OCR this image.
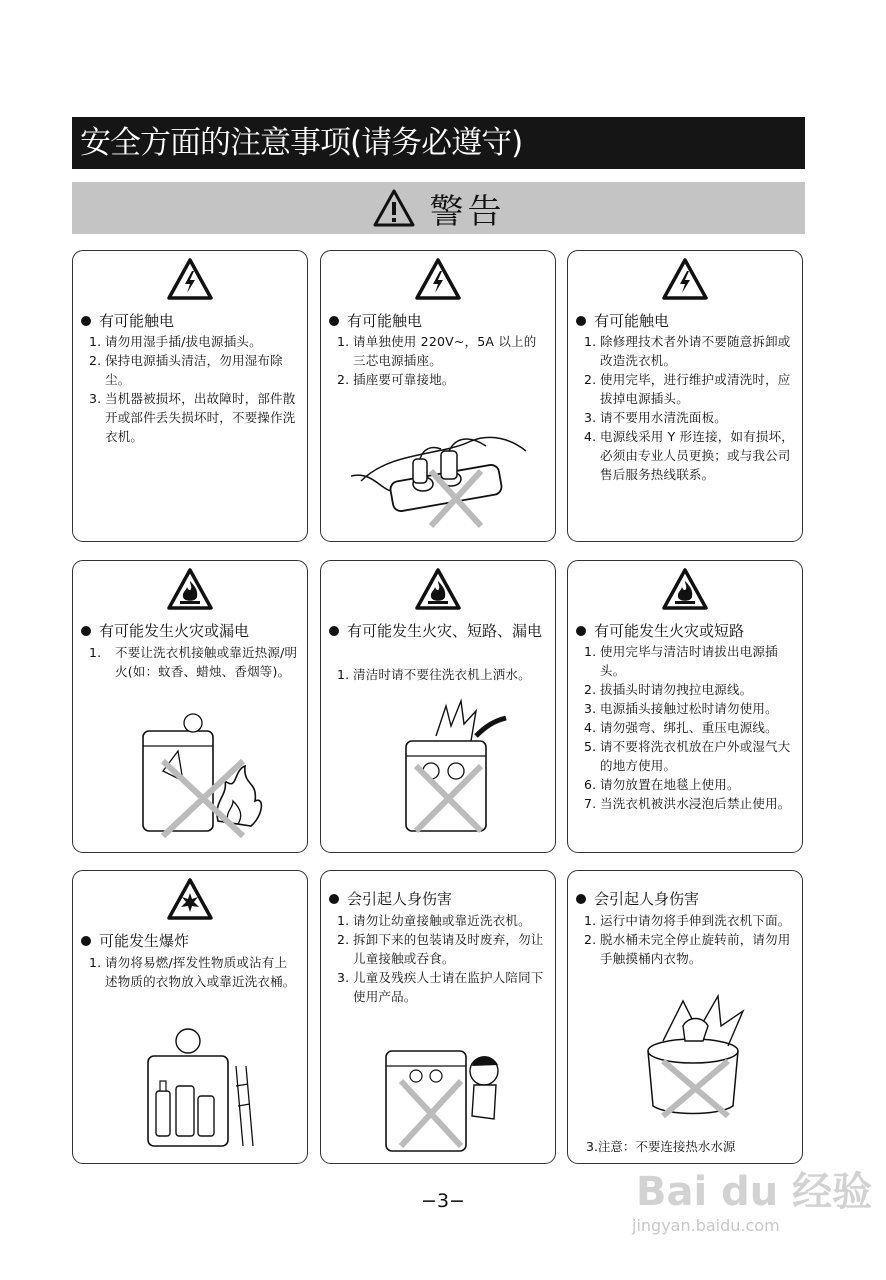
安全方面的注意事项(请务必遵守)
警告
有可能触电
1. 请勿用湿手插/拔电源插头。
2. 保持电源插头清洁，勿用湿布除尘。
3. 当机器被损坏，出故障时，部件散开或部件丢失损坏时，不要操作洗衣机。
有可能触电
1. 请单独使用 220V~，5A 以上的三芯电源插座。
2. 插座要可靠接地。
有可能触电
1. 除修理技术者外请不要随意拆卸或改造洗衣机。
2. 使用完毕，进行维护或清洗时，应拔掉电源插头。
3. 请不要用水清洗面板。
4. 电源线采用 Y 形连接，如有损坏，必须由专业人员更换；或与我公司售后服务热线联系。
有可能发生火灾或漏电
1.	不要让洗衣机接触或靠近热源/明火(如：蚊香、蜡烛、香烟等)。
有可能发生火灾、短路、漏电
1. 清洁时请不要往洗衣机上洒水。
有可能发生火灾或短路
1. 使用完毕与清洁时请拔出电源插头。
2. 拔插头时请勿拽拉电源线。
3. 电源插头接触过松时请勿使用。
4. 请勿强弯、绑扎、重压电源线。
5. 请不要将洗衣机放在户外或湿气大的地方使用。
6. 请勿放置在地毯上使用。
7. 当洗衣机被洪水浸泡后禁止使用。
可能发生爆炸
1. 请勿将易燃/挥发性物质或沾有上述物质的衣物放入或靠近洗衣桶。
会引起人身伤害
1. 请勿让幼童接触或靠近洗衣机。
2. 拆卸下来的包装请及时废弃，勿让儿童接触或吞食。
3. 儿童及残疾人士请在监护人陪同下使用产品。
会引起人身伤害
1. 运行中请勿将手伸到洗衣机下面。
2. 脱水桶未完全停止旋转前，请勿用手触摸桶内衣物。
3.注意：不要连接热水水源
−3−	Bai du 经验
jingyan.baidu.com
